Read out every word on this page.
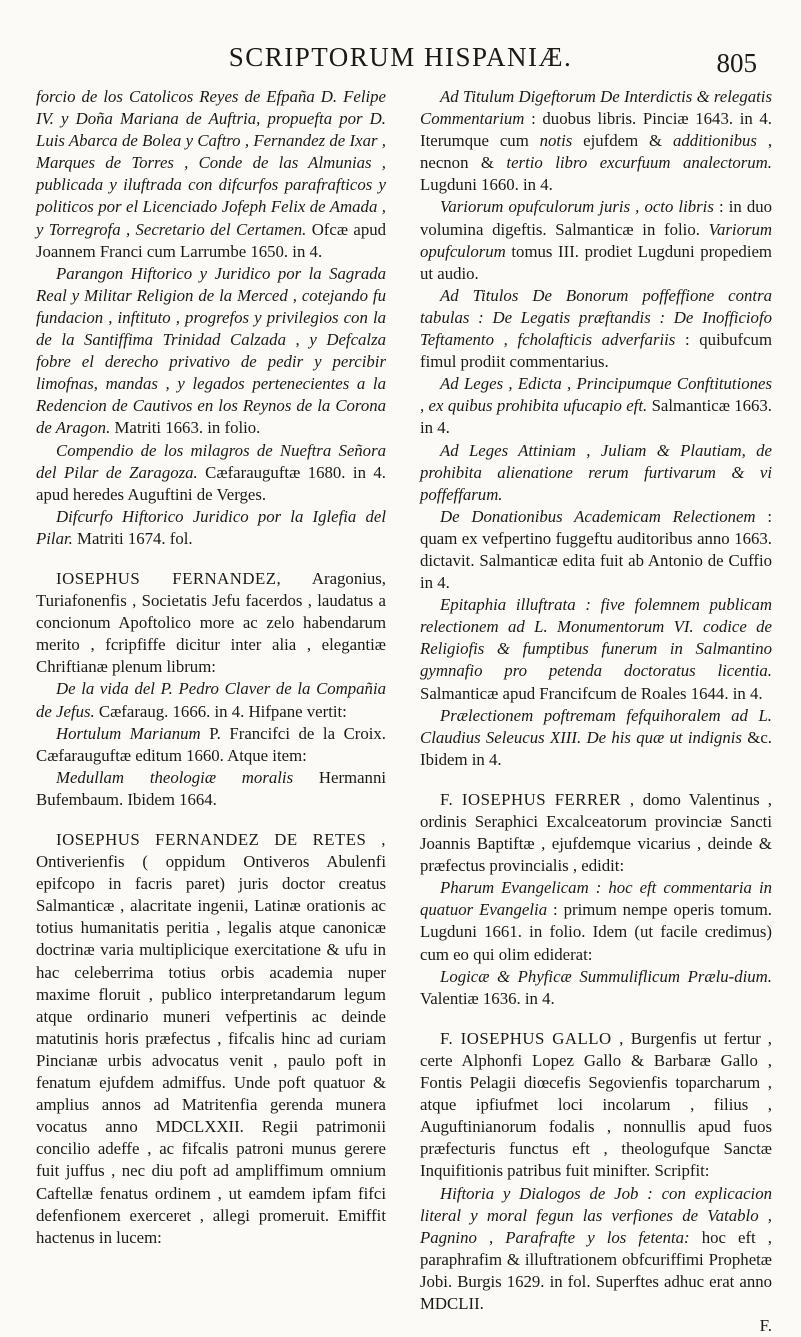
SCRIPTORUM HISPANIÆ.	805

forcio de los Catolicos Reyes de Efpaña D. Felipe IV. y Doña Mariana de Auftria, propuefta por D. Luis Abarca de Bolea y Caftro , Fernandez de Ixar , Marques de Torres , Conde de las Almunias , publicada y iluftrada con difcurfos parafrafticos y politicos por el Licenciado Jofeph Felix de Amada , y Torregrofa , Secretario del Certamen. Ofcæ apud Joannem Franci cum Larrumbe 1650. in 4.

Parangon Hiftorico y Juridico por la Sagrada Real y Militar Religion de la Merced , cotejando fu fundacion , inftituto , progrefos y privilegios con la de la Santiffima Trinidad Calzada , y Defcalza fobre el derecho privativo de pedir y percibir limofnas, mandas , y legados pertenecientes a la Redencion de Cautivos en los Reynos de la Corona de Aragon. Matriti 1663. in folio.

Compendio de los milagros de Nueftra Señora del Pilar de Zaragoza. Cæfarauguftæ 1680. in 4. apud heredes Auguftini de Verges.

Difcurfo Hiftorico Juridico por la Iglefia del Pilar. Matriti 1674. fol.

IOSEPHUS FERNANDEZ, Aragonius, Turiafonenfis , Societatis Jefu facerdos , laudatus a concionum Apoftolico more ac zelo habendarum merito , fcripfiffe dicitur inter alia , elegantiæ Chriftianæ plenum librum:

De la vida del P. Pedro Claver de la Compañia de Jefus. Cæfaraug. 1666. in 4. Hifpane vertit:

Hortulum Marianum P. Francifci de la Croix. Cæfarauguftæ editum 1660. Atque item:

Medullam theologiæ moralis Hermanni Bufembaum. Ibidem 1664.

IOSEPHUS FERNANDEZ DE RETES , Ontiverienfis ( oppidum Ontiveros Abulenfi epifcopo in facris paret) juris doctor creatus Salmanticæ , alacritate ingenii, Latinæ orationis ac totius humanitatis peritia , legalis atque canonicæ doctrinæ varia multiplicique exercitatione & ufu in hac celeberrima totius orbis academia nuper maxime floruit , publico interpretandarum legum atque ordinario muneri vefpertinis ac deinde matutinis horis præfectus , fifcalis hinc ad curiam Pincianæ urbis advocatus venit , paulo poft in fenatum ejufdem admiffus. Unde poft quatuor & amplius annos ad Matritenfia gerenda munera vocatus anno MDCLXXII. Regii patrimonii concilio adeffe , ac fifcalis patroni munus gerere fuit juffus , nec diu poft ad ampliffimum omnium Caftellæ fenatus ordinem , ut eamdem ipfam fifci defenfionem exerceret , allegi promeruit. Emiffit hactenus in lucem:

Ad Titulum Digeftorum De Interdictis & relegatis Commentarium : duobus libris. Pinciæ 1643. in 4. Iterumque cum notis ejufdem & additionibus , necnon & tertio libro excurfuum analectorum. Lugduni 1660. in 4.

Variorum opufculorum juris , octo libris : in duo volumina digeftis. Salmanticæ in folio. Variorum opufculorum tomus III. prodiet Lugduni propediem ut audio.

Ad Titulos De Bonorum poffeffione contra tabulas : De Legatis præftandis : De Inofficiofo Teftamento , fcholafticis adverfariis : quibufcum fimul prodiit commentarius.

Ad Leges , Edicta , Principumque Conftitutiones , ex quibus prohibita ufucapio eft. Salmanticæ 1663. in 4.

Ad Leges Attiniam , Juliam & Plautiam, de prohibita alienatione rerum furtivarum & vi poffeffarum.

De Donationibus Academicam Relectionem : quam ex vefpertino fuggeftu auditoribus anno 1663. dictavit. Salmanticæ edita fuit ab Antonio de Cuffio in 4.

Epitaphia illuftrata : five folemnem publicam relectionem ad L. Monumentorum VI. codice de Religiofis & fumptibus funerum in Salmantino gymnafio pro petenda doctoratus licentia. Salmanticæ apud Francifcum de Roales 1644. in 4.

Prælectionem poftremam fefquihoralem ad L. Claudius Seleucus XIII. De his quæ ut indignis &c. Ibidem in 4.

F. IOSEPHUS FERRER , domo Valentinus , ordinis Seraphici Excalceatorum provinciæ Sancti Joannis Baptiftæ , ejufdemque vicarius , deinde & præfectus provincialis , edidit:

Pharum Evangelicam : hoc eft commentaria in quatuor Evangelia : primum nempe operis tomum. Lugduni 1661. in folio. Idem (ut facile credimus) cum eo qui olim ediderat:

Logicæ & Phyficæ Summuliflicum Prælu-dium. Valentiæ 1636. in 4.

F. IOSEPHUS GALLO , Burgenfis ut fertur , certe Alphonfi Lopez Gallo & Barbaræ Gallo , Fontis Pelagii diœcefis Segovienfis toparcharum , atque ipfiufmet loci incolarum , filius , Auguftinianorum fodalis , nonnullis apud fuos præfecturis functus eft , theologufque Sanctæ Inquifitionis patribus fuit minifter. Scripfit:

Hiftoria y Dialogos de Job : con explicacion literal y moral fegun las verfiones de Vatablo , Pagnino , Parafrafte y los fetenta: hoc eft , paraphrafim & illuftrationem obfcuriffimi Prophetæ Jobi. Burgis 1629. in fol. Superftes adhuc erat anno MDCLII.

F.
